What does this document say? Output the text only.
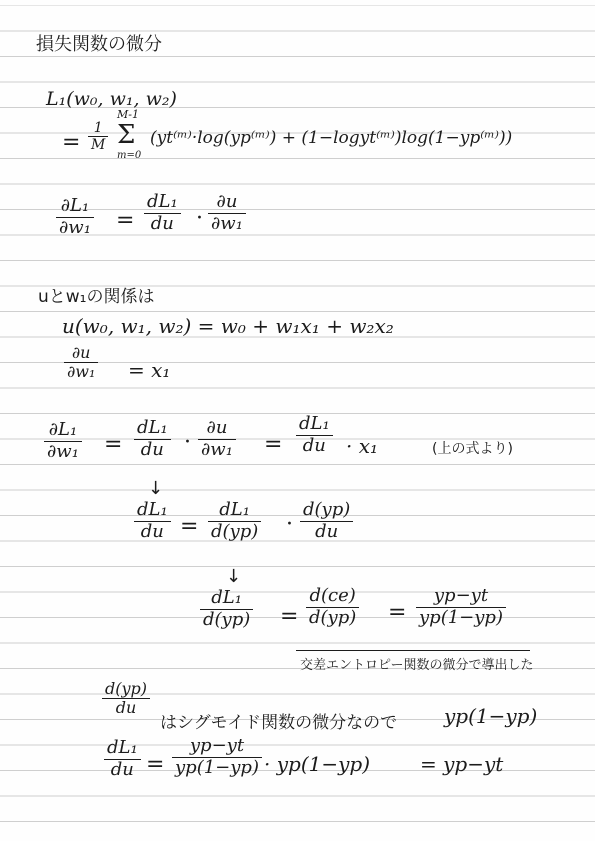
損失関数の微分
L₁(w₀, w₁, w₂)
= $\frac{1}{M}$
M-1
Σ
m=0
(yt⁽ᵐ⁾·log(yp⁽ᵐ⁾) + (1−logyt⁽ᵐ⁾)log(1−yp⁽ᵐ⁾))
$\frac{\text{∂L₁}}{\text{∂w₁}} = \frac{\text{dL₁}}{du} \cdot \frac{\partial u}{\text{∂w₁}}$
uとw₁の関係は
u(w₀, w₁, w₂) = w₀ + w₁x₁ + w₂x₂
$\frac{\partial u}{\text{∂w₁}} = x_1$
$\frac{\text{∂L₁}}{\text{∂w₁}} = \frac{\text{dL₁}}{du} \cdot \frac{\partial u}{\text{∂w₁}} = \frac{\text{dL₁}}{du} \cdot x_1$	(上の式より)
↓
$\frac{\text{dL₁}}{du} = \frac{\text{dL₁}}{d(yp)} \cdot \frac{d(yp)}{du}$
↓
$\frac{\text{dL₁}}{d(yp)} = \frac{d(ce)}{d(yp)} = \frac{yp-yt}{yp(1-yp)}$
交差エントロピー関数の微分で導出した
$\frac{d(yp)}{du}$
はシグモイド関数の微分なので yp(1−yp)
$\frac{\text{dL₁}}{du} = \frac{yp-yt}{yp(1-yp)} \cdot yp(1-yp) = yp-yt$
